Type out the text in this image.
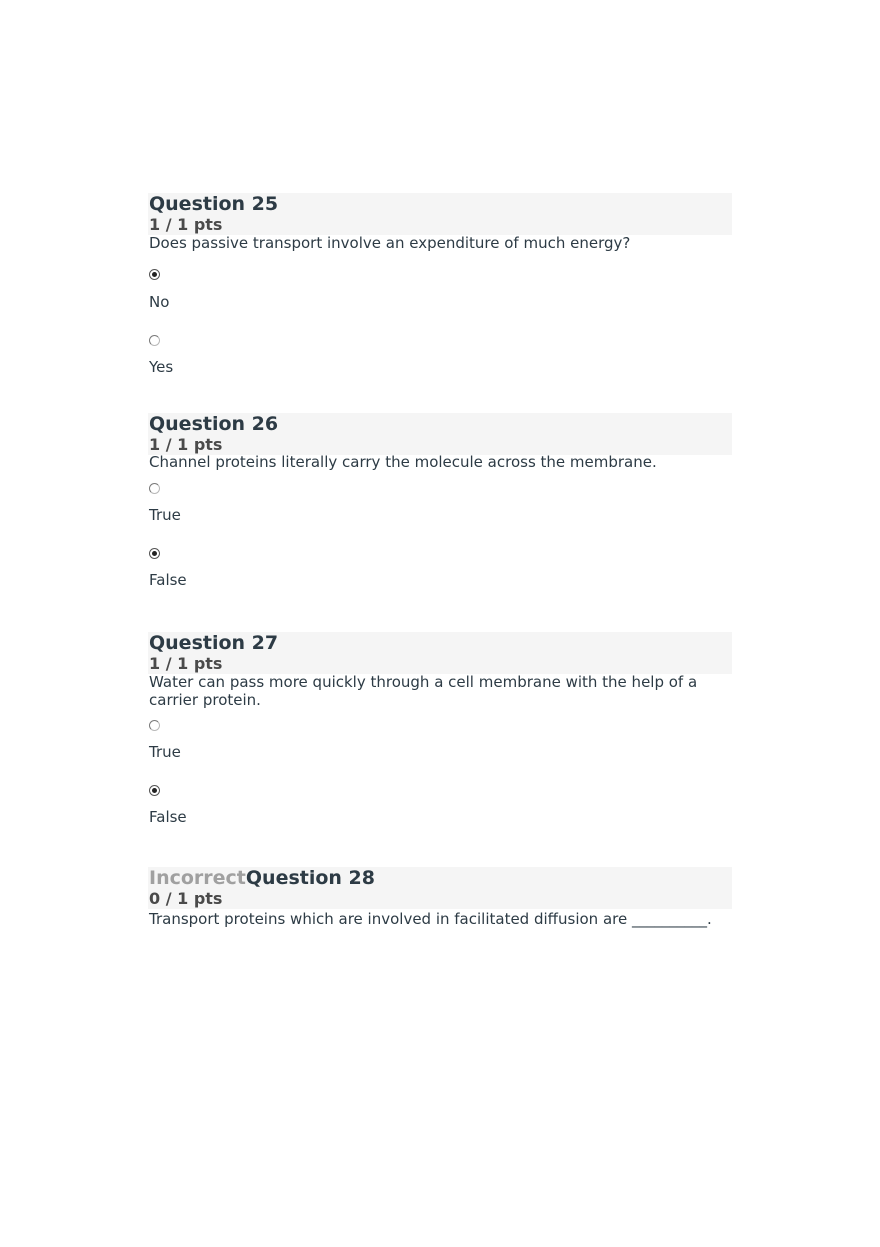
Question 25
1 / 1 pts
Does passive transport involve an expenditure of much energy?
No
Yes
Question 26
1 / 1 pts
Channel proteins literally carry the molecule across the membrane.
True
False
Question 27
1 / 1 pts
Water can pass more quickly through a cell membrane with the help of a carrier protein.
True
False
IncorrectQuestion 28
0 / 1 pts
Transport proteins which are involved in facilitated diffusion are __________.
